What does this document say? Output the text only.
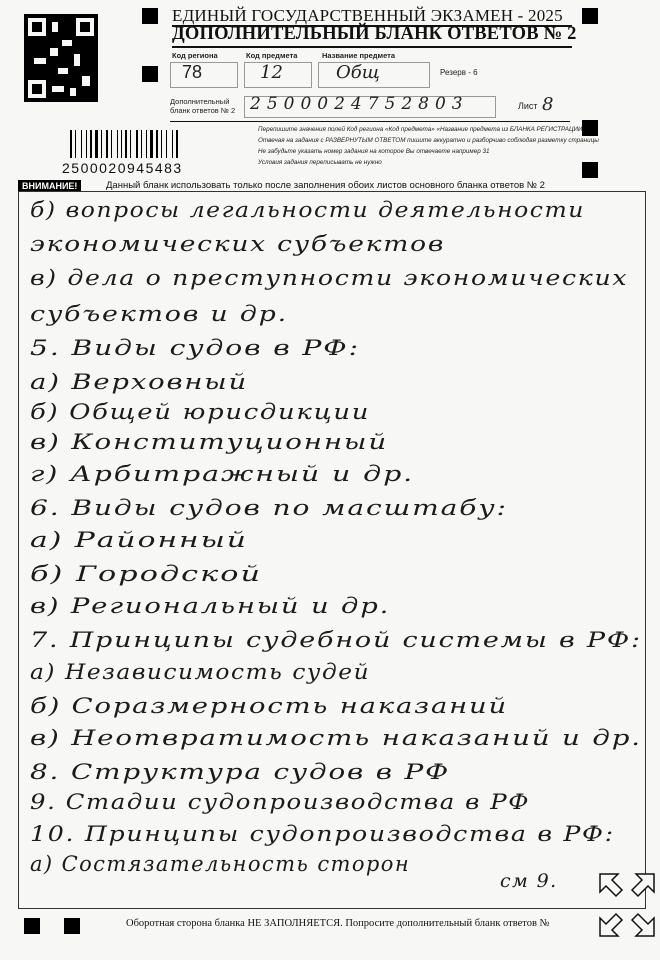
ЕДИНЫЙ ГОСУДАРСТВЕННЫЙ ЭКЗАМЕН - 2025
ДОПОЛНИТЕЛЬНЫЙ БЛАНК ОТВЕТОВ № 2
Код региона	Код предмета	Название предмета
78	12	Общ	Резерв - 6
Дополнительный
бланк ответов № 2 2500024752803	Лист 8
Перепишите значения полей Код региона «Код предмета» «Название предмета из БЛАНКА РЕГИСТРАЦИИ
Отвечая на задания с РАЗВЕРНУТЫМ ОТВЕТОМ пишите аккуратно и разборчиво соблюдая разметку страницы
Не забудьте указать номер задания на которое Вы отвечаете например 31
Условия задания переписывать не нужно
2500020945483
ВНИМАНИЕ!	Данный бланк использовать только после заполнения обоих листов основного бланка ответов № 2
б) вопросы легальности деятельности
экономических субъектов
в) дела о преступности экономических
субъектов и др.
5. Виды судов в РФ:
а) Верховный
б) Общей юрисдикции
в) Конституционный
г) Арбитражный и др.
6. Виды судов по масштабу:
а) Районный
б) Городской
в) Региональный и др.
7. Принципы судебной системы в РФ:
а) Независимость судей
б) Соразмерность наказаний
в) Неотвратимость наказаний и др.
8. Структура судов в РФ
9. Стадии судопроизводства в РФ
10. Принципы судопроизводства в РФ:
а) Состязательность сторон
см 9.
Оборотная сторона бланка НЕ ЗАПОЛНЯЕТСЯ. Попросите дополнительный бланк ответов №
